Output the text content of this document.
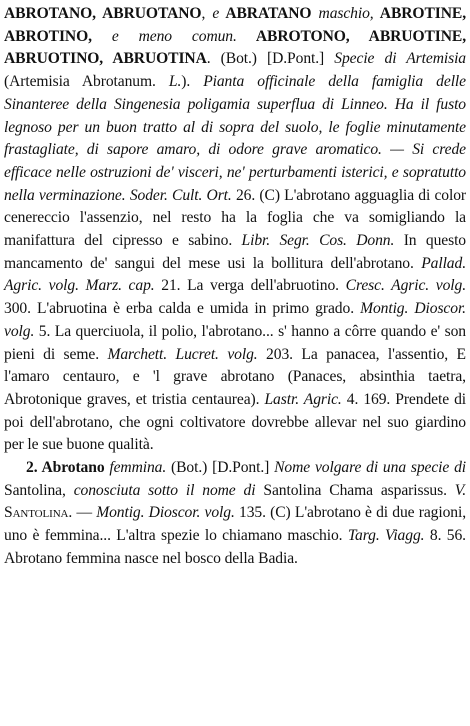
ABROTANO, ABRUOTANO, e ABRATANO maschio, ABROTINE, ABROTINO, e meno comun. ABROTONO, ABRUOTINE, ABRUOTINO, ABRUOTINA. (Bot.) [D.Pont.] Specie di Artemisia (Artemisia Abrotanum. L.). Pianta officinale della famiglia delle Sinanteree della Singenesia poligamia superflua di Linneo. Ha il fusto legnoso per un buon tratto al di sopra del suolo, le foglie minutamente frastagliate, di sapore amaro, di odore grave aromatico. — Si crede efficace nelle ostruzioni de' visceri, ne' perturbamenti isterici, e sopratutto nella verminazione. Soder. Cult. Ort. 26. (C) L'abrotano agguaglia di color cenereccio l'assenzio, nel resto ha la foglia che va somigliando la manifattura del cipresso e sabino. Libr. Segr. Cos. Donn. In questo mancamento de' sangui del mese usi la bollitura dell'abrotano. Pallad. Agric. volg. Marz. cap. 21. La verga dell'abruotino. Cresc. Agric. volg. 300. L'abruotina è erba calda e umida in primo grado. Montig. Dioscor. volg. 5. La querciuola, il polio, l'abrotano... s' hanno a côrre quando e' son pieni di seme. Marchett. Lucret. volg. 203. La panacea, l'assentio, E l'amaro centauro, e 'l grave abrotano (Panaces, absinthia taetra, Abrotonique graves, et tristia centaurea). Lastr. Agric. 4. 169. Prendete di poi dell'abrotano, che ogni coltivatore dovrebbe allevar nel suo giardino per le sue buone qualità.

2. Abrotano femmina. (Bot.) [D.Pont.] Nome volgare di una specie di Santolina, conosciuta sotto il nome di Santolina Chama asparissus. V. Santolina. — Montig. Dioscor. volg. 135. (C) L'abrotano è di due ragioni, uno è femmina... L'altra spezie lo chiamano maschio. Targ. Viagg. 8. 56. Abrotano femmina nasce nel bosco della Badia.
